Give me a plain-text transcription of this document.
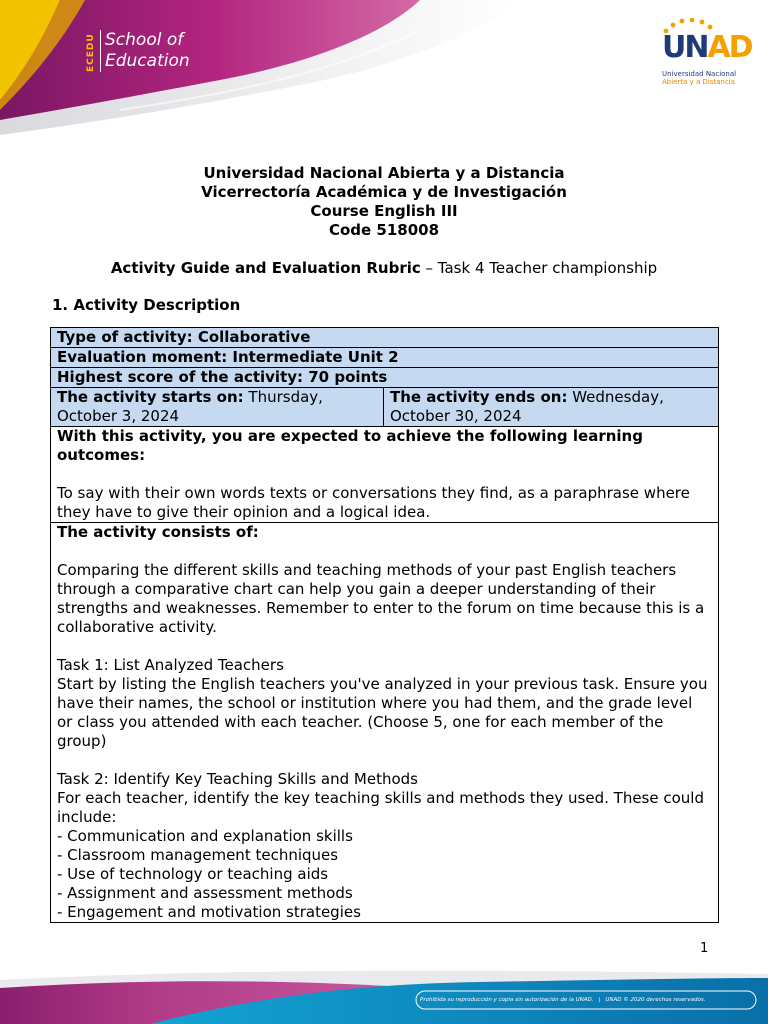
ECEDU School of
Education	UNAD
Universidad Nacional
Abierta y a Distancia
Universidad Nacional Abierta y a Distancia
Vicerrectoría Académica y de Investigación
Course English III
Code 518008
Activity Guide and Evaluation Rubric – Task 4 Teacher championship
1. Activity Description
Type of activity: Collaborative
Evaluation moment: Intermediate Unit 2
Highest score of the activity: 70 points
The activity starts on: Thursday, October 3, 2024
The activity ends on: Wednesday, October 30, 2024

With this activity, you are expected to achieve the following learning outcomes:

To say with their own words texts or conversations they find, as a paraphrase where they have to give their opinion and a logical idea.

The activity consists of:

Comparing the different skills and teaching methods of your past English teachers through a comparative chart can help you gain a deeper understanding of their strengths and weaknesses. Remember to enter to the forum on time because this is a collaborative activity.

Task 1: List Analyzed Teachers

Start by listing the English teachers you've analyzed in your previous task. Ensure you have their names, the school or institution where you had them, and the grade level or class you attended with each teacher. (Choose 5, one for each member of the group)

Task 2: Identify Key Teaching Skills and Methods

For each teacher, identify the key teaching skills and methods they used. These could include:

- Communication and explanation skills

- Classroom management techniques

- Use of technology or teaching aids

- Assignment and assessment methods

- Engagement and motivation strategies

1
Prohibida su reproducción y copia sin autorización de la UNAD. | UNAD © 2020 derechos reservados.
